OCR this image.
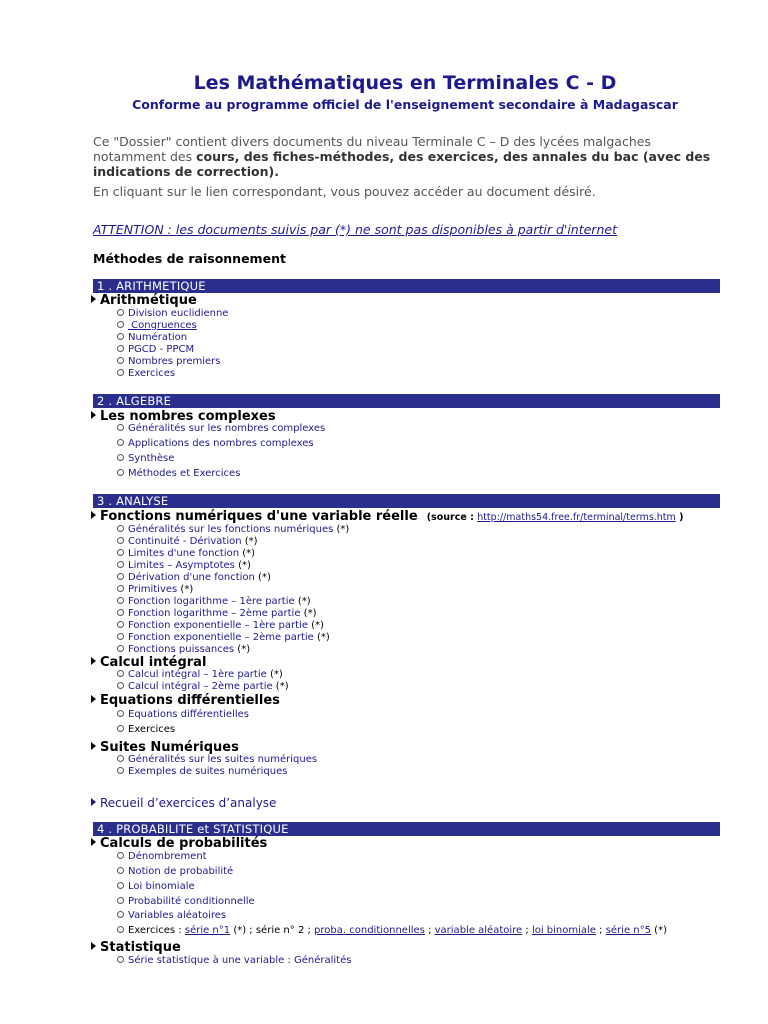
Les Mathématiques en Terminales C - D
Conforme au programme officiel de l'enseignement secondaire à Madagascar
Ce "Dossier" contient divers documents du niveau Terminale C – D des lycées malgaches notamment des cours, des fiches-méthodes, des exercices, des annales du bac (avec des indications de correction).
En cliquant sur le lien correspondant, vous pouvez accéder au document désiré.
ATTENTION : les documents suivis par (*) ne sont pas disponibles à partir d'internet
Méthodes de raisonnement
1 . ARITHMETIQUE
Arithmétique
Division euclidienne
Congruences
Numération
PGCD - PPCM
Nombres premiers
Exercices
2 . ALGEBRE
Les nombres complexes
Généralités sur les nombres complexes
Applications des nombres complexes
Synthèse
Méthodes et Exercices
3 . ANALYSE
Fonctions numériques d'une variable réelle (source : http://maths54.free.fr/terminal/terms.htm )
Généralités sur les fonctions numériques (*)
Continuité - Dérivation (*)
Limites d'une fonction (*)
Limites – Asymptotes (*)
Dérivation d'une fonction (*)
Primitives (*)
Fonction logarithme – 1ère partie (*)
Fonction logarithme – 2ème partie (*)
Fonction exponentielle – 1ère partie (*)
Fonction exponentielle – 2ème partie (*)
Fonctions puissances (*)
Calcul intégral
Calcul intégral – 1ère partie (*)
Calcul intégral – 2ème partie (*)
Equations différentielles
Equations différentielles
Exercices
Suites Numériques
Généralités sur les suites numériques
Exemples de suites numériques
Recueil d’exercices d’analyse
4 . PROBABILITE et STATISTIQUE
Calculs de probabilités
Dénombrement
Notion de probabilité
Loi binomiale
Probabilité conditionnelle
Variables aléatoires
Exercices : série n°1 (*) ; série n° 2 ; proba. conditionnelles ; variable aléatoire ; loi binomiale ; série n°5 (*)
Statistique
Série statistique à une variable : Généralités
